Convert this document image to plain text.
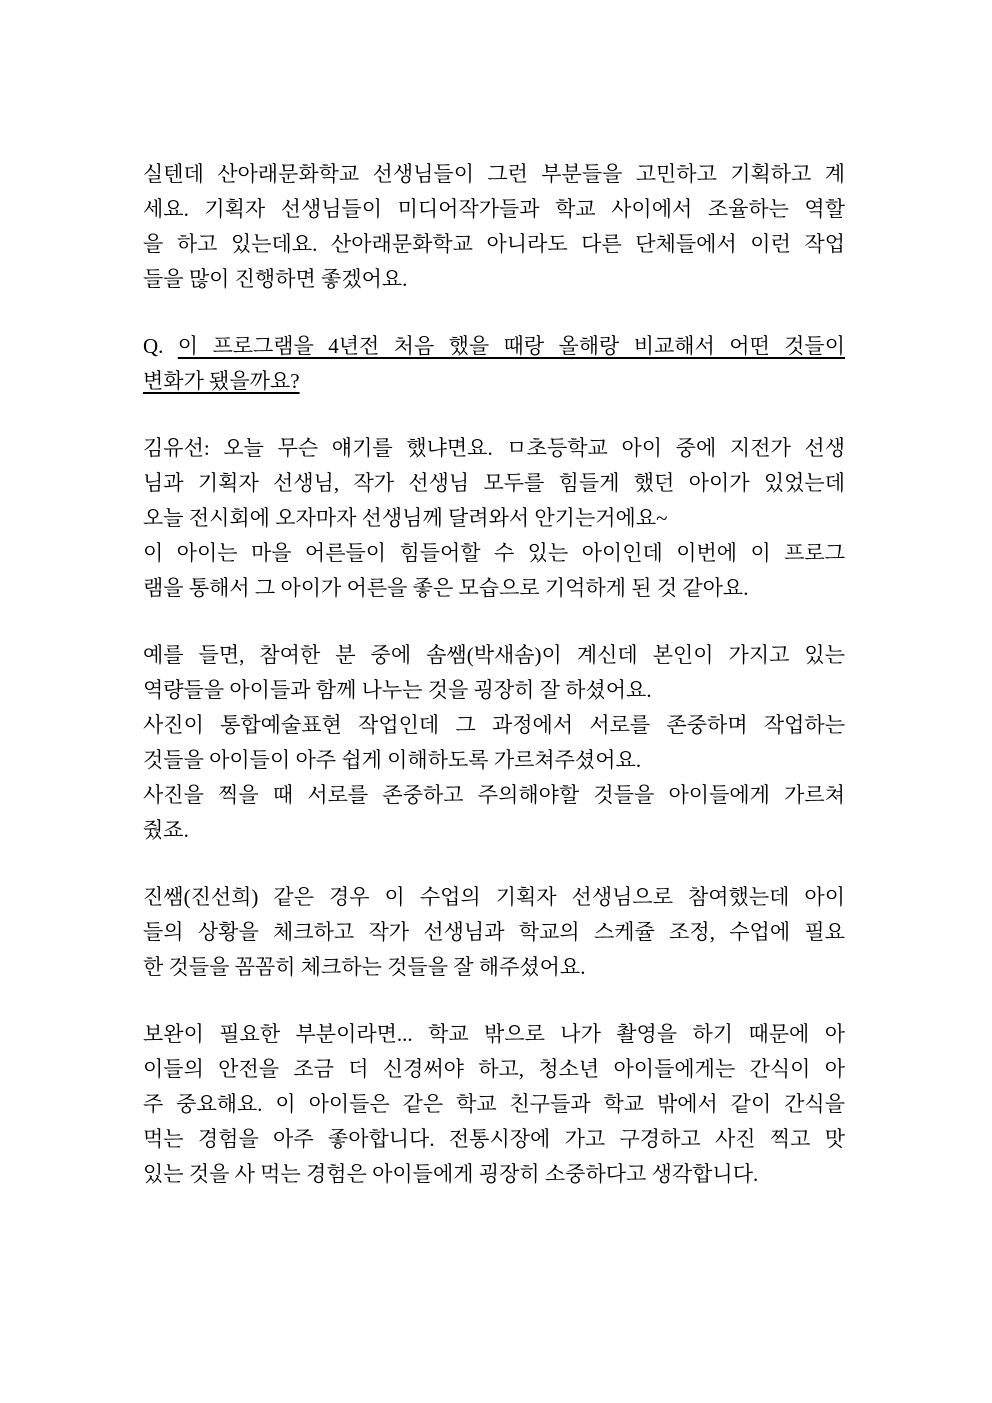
실텐데 산아래문화학교 선생님들이 그런 부분들을 고민하고 기획하고 계
세요. 기획자 선생님들이 미디어작가들과 학교 사이에서 조율하는 역할
을 하고 있는데요. 산아래문화학교 아니라도 다른 단체들에서 이런 작업
들을 많이 진행하면 좋겠어요.
Q. 이 프로그램을 4년전 처음 했을 때랑 올해랑 비교해서 어떤 것들이
변화가 됐을까요?
김유선: 오늘 무슨 얘기를 했냐면요. ㅁ초등학교 아이 중에 지전가 선생
님과 기획자 선생님, 작가 선생님 모두를 힘들게 했던 아이가 있었는데
오늘 전시회에 오자마자 선생님께 달려와서 안기는거에요~
이 아이는 마을 어른들이 힘들어할 수 있는 아이인데 이번에 이 프로그
램을 통해서 그 아이가 어른을 좋은 모습으로 기억하게 된 것 같아요.
예를 들면, 참여한 분 중에 솜쌤(박새솜)이 계신데 본인이 가지고 있는
역량들을 아이들과 함께 나누는 것을 굉장히 잘 하셨어요.
사진이 통합예술표현 작업인데 그 과정에서 서로를 존중하며 작업하는
것들을 아이들이 아주 쉽게 이해하도록 가르쳐주셨어요.
사진을 찍을 때 서로를 존중하고 주의해야할 것들을 아이들에게 가르쳐
줬죠.
진쌤(진선희) 같은 경우 이 수업의 기획자 선생님으로 참여했는데 아이
들의 상황을 체크하고 작가 선생님과 학교의 스케쥴 조정, 수업에 필요
한 것들을 꼼꼼히 체크하는 것들을 잘 해주셨어요.
보완이 필요한 부분이라면... 학교 밖으로 나가 촬영을 하기 때문에 아
이들의 안전을 조금 더 신경써야 하고, 청소년 아이들에게는 간식이 아
주 중요해요. 이 아이들은 같은 학교 친구들과 학교 밖에서 같이 간식을
먹는 경험을 아주 좋아합니다. 전통시장에 가고 구경하고 사진 찍고 맛
있는 것을 사 먹는 경험은 아이들에게 굉장히 소중하다고 생각합니다.
